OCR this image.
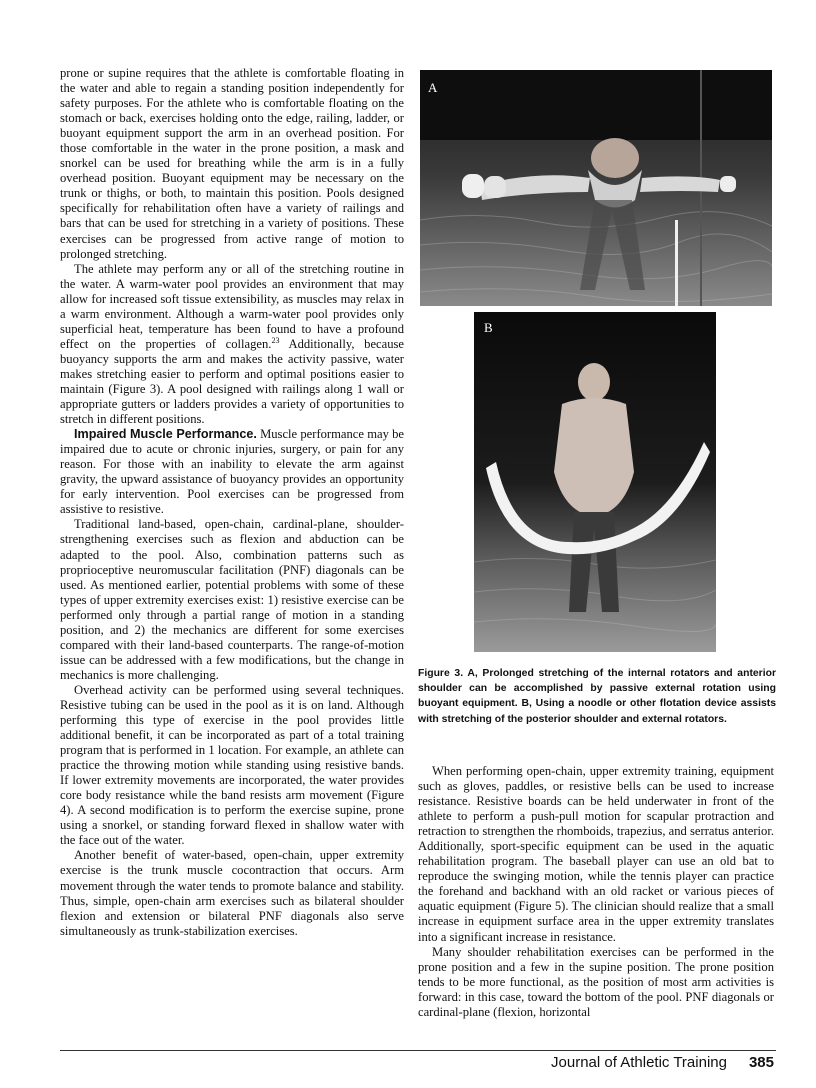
prone or supine requires that the athlete is comfortable floating in the water and able to regain a standing position independently for safety purposes. For the athlete who is comfortable floating on the stomach or back, exercises holding onto the edge, railing, ladder, or buoyant equipment support the arm in an overhead position. For those comfortable in the water in the prone position, a mask and snorkel can be used for breathing while the arm is in a fully overhead position. Buoyant equipment may be necessary on the trunk or thighs, or both, to maintain this position. Pools designed specifically for rehabilitation often have a variety of railings and bars that can be used for stretching in a variety of positions. These exercises can be progressed from active range of motion to prolonged stretching.

The athlete may perform any or all of the stretching routine in the water. A warm-water pool provides an environment that may allow for increased soft tissue extensibility, as muscles may relax in a warm environment. Although a warm-water pool provides only superficial heat, temperature has been found to have a profound effect on the properties of collagen.$^{23}$ Additionally, because buoyancy supports the arm and makes the activity passive, water makes stretching easier to perform and optimal positions easier to maintain (Figure 3). A pool designed with railings along 1 wall or appropriate gutters or ladders provides a variety of opportunities to stretch in different positions.

Impaired Muscle Performance. Muscle performance may be impaired due to acute or chronic injuries, surgery, or pain for any reason. For those with an inability to elevate the arm against gravity, the upward assistance of buoyancy provides an opportunity for early intervention. Pool exercises can be progressed from assistive to resistive.

Traditional land-based, open-chain, cardinal-plane, shoulder-strengthening exercises such as flexion and abduction can be adapted to the pool. Also, combination patterns such as proprioceptive neuromuscular facilitation (PNF) diagonals can be used. As mentioned earlier, potential problems with some of these types of upper extremity exercises exist: 1) resistive exercise can be performed only through a partial range of motion in a standing position, and 2) the mechanics are different for some exercises compared with their land-based counterparts. The range-of-motion issue can be addressed with a few modifications, but the change in mechanics is more challenging.

Overhead activity can be performed using several techniques. Resistive tubing can be used in the pool as it is on land. Although performing this type of exercise in the pool provides little additional benefit, it can be incorporated as part of a total training program that is performed in 1 location. For example, an athlete can practice the throwing motion while standing using resistive bands. If lower extremity movements are incorporated, the water provides core body resistance while the band resists arm movement (Figure 4). A second modification is to perform the exercise supine, prone using a snorkel, or standing forward flexed in shallow water with the face out of the water.

Another benefit of water-based, open-chain, upper extremity exercise is the trunk muscle cocontraction that occurs. Arm movement through the water tends to promote balance and stability. Thus, simple, open-chain arm exercises such as bilateral shoulder flexion and extension or bilateral PNF diagonals also serve simultaneously as trunk-stabilization exercises.

A
B
Figure 3. A, Prolonged stretching of the internal rotators and anterior shoulder can be accomplished by passive external rotation using buoyant equipment. B, Using a noodle or other flotation device assists with stretching of the posterior shoulder and external rotators.

When performing open-chain, upper extremity training, equipment such as gloves, paddles, or resistive bells can be used to increase resistance. Resistive boards can be held underwater in front of the athlete to perform a push-pull motion for scapular protraction and retraction to strengthen the rhomboids, trapezius, and serratus anterior. Additionally, sport-specific equipment can be used in the aquatic rehabilitation program. The baseball player can use an old bat to reproduce the swinging motion, while the tennis player can practice the forehand and backhand with an old racket or various pieces of aquatic equipment (Figure 5). The clinician should realize that a small increase in equipment surface area in the upper extremity translates into a significant increase in resistance.

Many shoulder rehabilitation exercises can be performed in the prone position and a few in the supine position. The prone position tends to be more functional, as the position of most arm activities is forward: in this case, toward the bottom of the pool. PNF diagonals or cardinal-plane (flexion, horizontal

Journal of Athletic Training 385
